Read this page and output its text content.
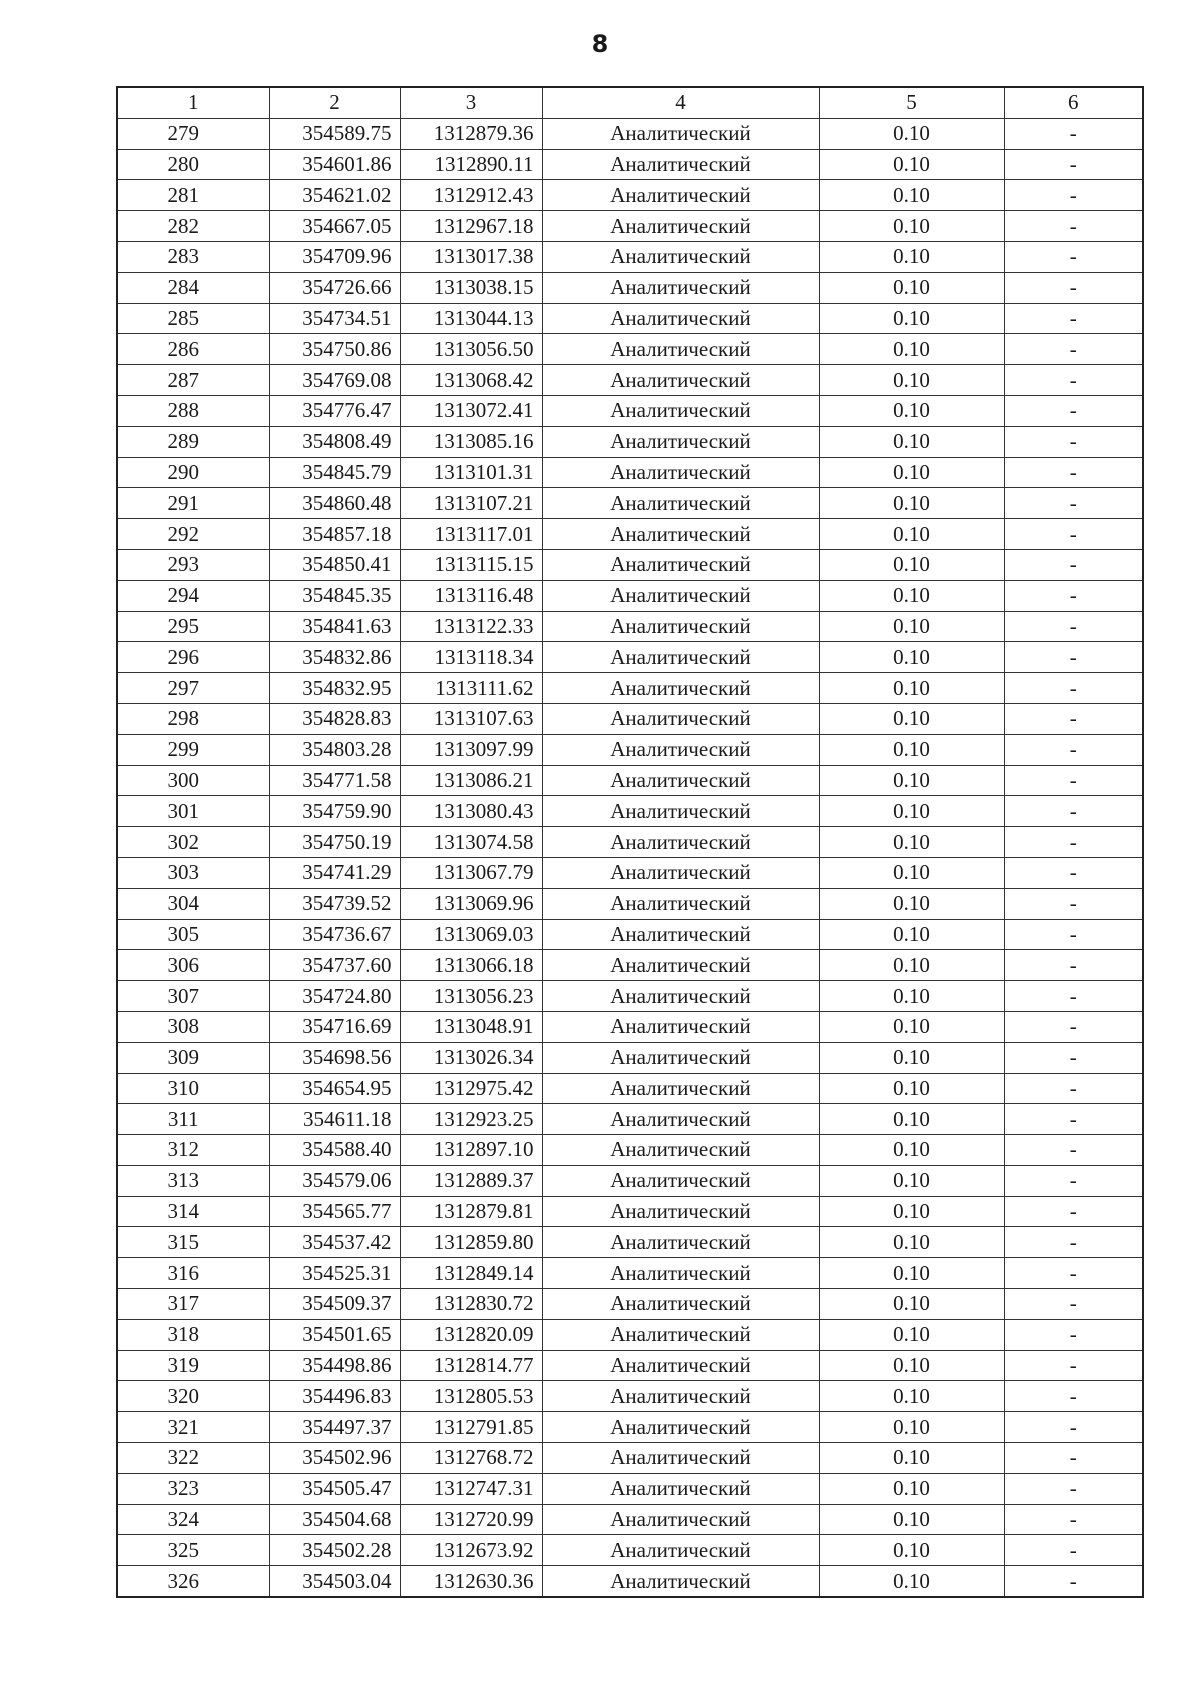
8
1	2	3	4	5	6
279	354589.75	1312879.36	Аналитический	0.10	-
280	354601.86	1312890.11	Аналитический	0.10	-
281	354621.02	1312912.43	Аналитический	0.10	-
282	354667.05	1312967.18	Аналитический	0.10	-
283	354709.96	1313017.38	Аналитический	0.10	-
284	354726.66	1313038.15	Аналитический	0.10	-
285	354734.51	1313044.13	Аналитический	0.10	-
286	354750.86	1313056.50	Аналитический	0.10	-
287	354769.08	1313068.42	Аналитический	0.10	-
288	354776.47	1313072.41	Аналитический	0.10	-
289	354808.49	1313085.16	Аналитический	0.10	-
290	354845.79	1313101.31	Аналитический	0.10	-
291	354860.48	1313107.21	Аналитический	0.10	-
292	354857.18	1313117.01	Аналитический	0.10	-
293	354850.41	1313115.15	Аналитический	0.10	-
294	354845.35	1313116.48	Аналитический	0.10	-
295	354841.63	1313122.33	Аналитический	0.10	-
296	354832.86	1313118.34	Аналитический	0.10	-
297	354832.95	1313111.62	Аналитический	0.10	-
298	354828.83	1313107.63	Аналитический	0.10	-
299	354803.28	1313097.99	Аналитический	0.10	-
300	354771.58	1313086.21	Аналитический	0.10	-
301	354759.90	1313080.43	Аналитический	0.10	-
302	354750.19	1313074.58	Аналитический	0.10	-
303	354741.29	1313067.79	Аналитический	0.10	-
304	354739.52	1313069.96	Аналитический	0.10	-
305	354736.67	1313069.03	Аналитический	0.10	-
306	354737.60	1313066.18	Аналитический	0.10	-
307	354724.80	1313056.23	Аналитический	0.10	-
308	354716.69	1313048.91	Аналитический	0.10	-
309	354698.56	1313026.34	Аналитический	0.10	-
310	354654.95	1312975.42	Аналитический	0.10	-
311	354611.18	1312923.25	Аналитический	0.10	-
312	354588.40	1312897.10	Аналитический	0.10	-
313	354579.06	1312889.37	Аналитический	0.10	-
314	354565.77	1312879.81	Аналитический	0.10	-
315	354537.42	1312859.80	Аналитический	0.10	-
316	354525.31	1312849.14	Аналитический	0.10	-
317	354509.37	1312830.72	Аналитический	0.10	-
318	354501.65	1312820.09	Аналитический	0.10	-
319	354498.86	1312814.77	Аналитический	0.10	-
320	354496.83	1312805.53	Аналитический	0.10	-
321	354497.37	1312791.85	Аналитический	0.10	-
322	354502.96	1312768.72	Аналитический	0.10	-
323	354505.47	1312747.31	Аналитический	0.10	-
324	354504.68	1312720.99	Аналитический	0.10	-
325	354502.28	1312673.92	Аналитический	0.10	-
326	354503.04	1312630.36	Аналитический	0.10	-
